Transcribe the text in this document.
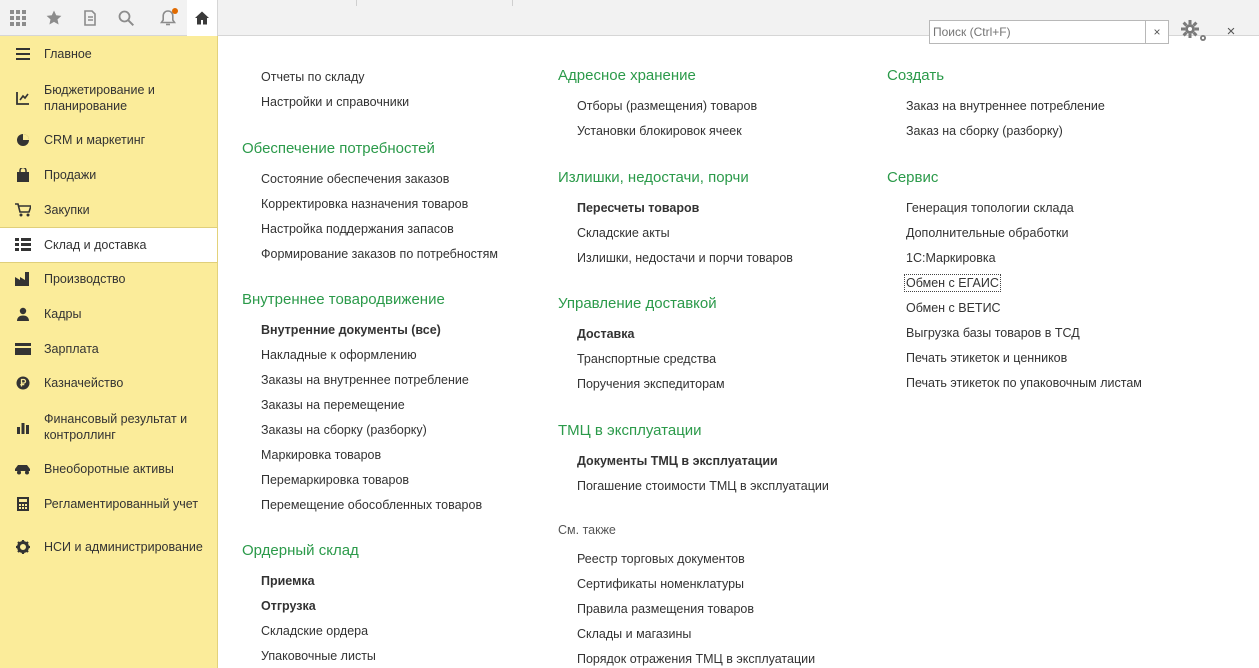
Главное
Бюджетирование и планирование
CRM и маркетинг
Продажи
Закупки
Склад и доставка
Производство
Кадры
Зарплата
Казначейство
Финансовый результат и контроллинг
Внеоборотные активы
Регламентированный учет
НСИ и администрирование
Поиск (Ctrl+F)
×	×
Отчеты по складу
Настройки и справочники
Обеспечение потребностей
Состояние обеспечения заказов
Корректировка назначения товаров
Настройка поддержания запасов
Формирование заказов по потребностям
Внутреннее товародвижение
Внутренние документы (все)
Накладные к оформлению
Заказы на внутреннее потребление
Заказы на перемещение
Заказы на сборку (разборку)
Маркировка товаров
Перемаркировка товаров
Перемещение обособленных товаров
Ордерный склад
Приемка
Отгрузка
Складские ордера
Упаковочные листы
Адресное хранение
Отборы (размещения) товаров
Установки блокировок ячеек
Излишки, недостачи, порчи
Пересчеты товаров
Складские акты
Излишки, недостачи и порчи товаров
Управление доставкой
Доставка
Транспортные средства
Поручения экспедиторам
ТМЦ в эксплуатации
Документы ТМЦ в эксплуатации
Погашение стоимости ТМЦ в эксплуатации
См. также
Реестр торговых документов
Сертификаты номенклатуры
Правила размещения товаров
Склады и магазины
Порядок отражения ТМЦ в эксплуатации
Создать
Заказ на внутреннее потребление
Заказ на сборку (разборку)
Сервис
Генерация топологии склада
Дополнительные обработки
1С:Маркировка
Обмен с ЕГАИС
Обмен с ВЕТИС
Выгрузка базы товаров в ТСД
Печать этикеток и ценников
Печать этикеток по упаковочным листам
